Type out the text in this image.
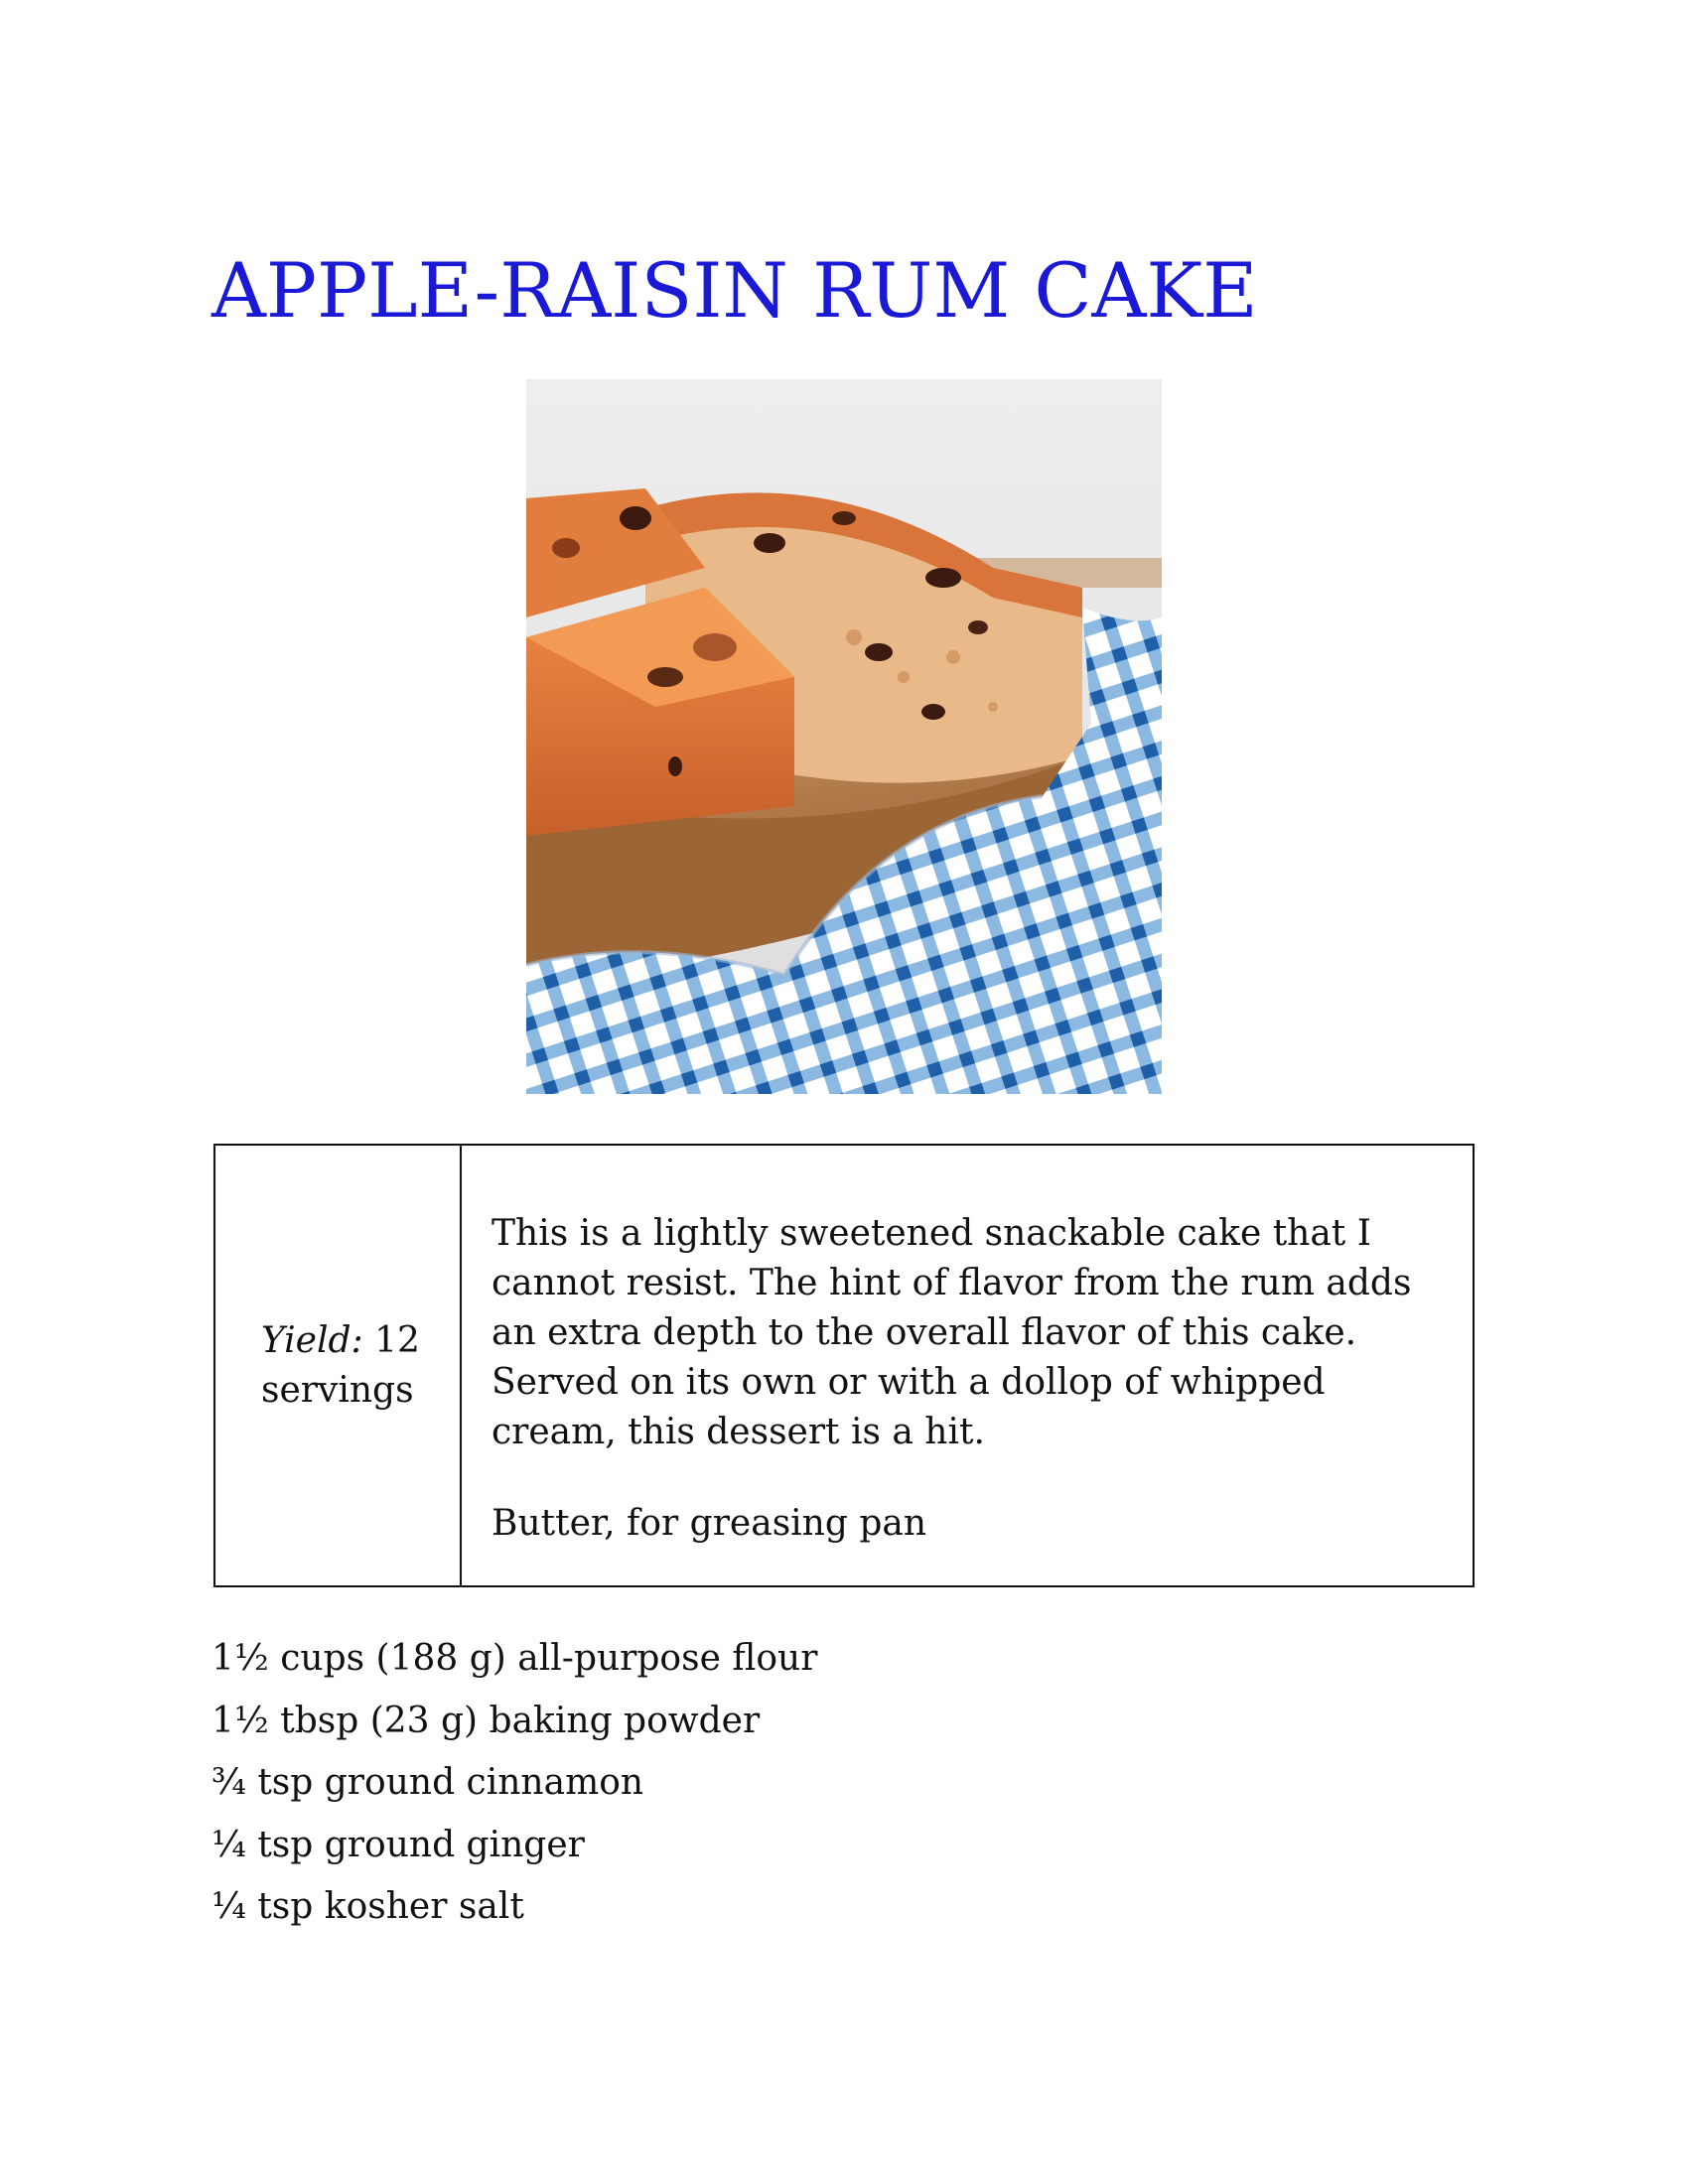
APPLE-RAISIN RUM CAKE
Yield: 12 servings

This is a lightly sweetened snackable cake that I cannot resist. The hint of flavor from the rum adds an extra depth to the overall flavor of this cake. Served on its own or with a dollop of whipped cream, this dessert is a hit.

Butter, for greasing pan

1½ cups (188 g) all-purpose flour
1½ tbsp (23 g) baking powder
¾ tsp ground cinnamon
¼ tsp ground ginger
¼ tsp kosher salt
